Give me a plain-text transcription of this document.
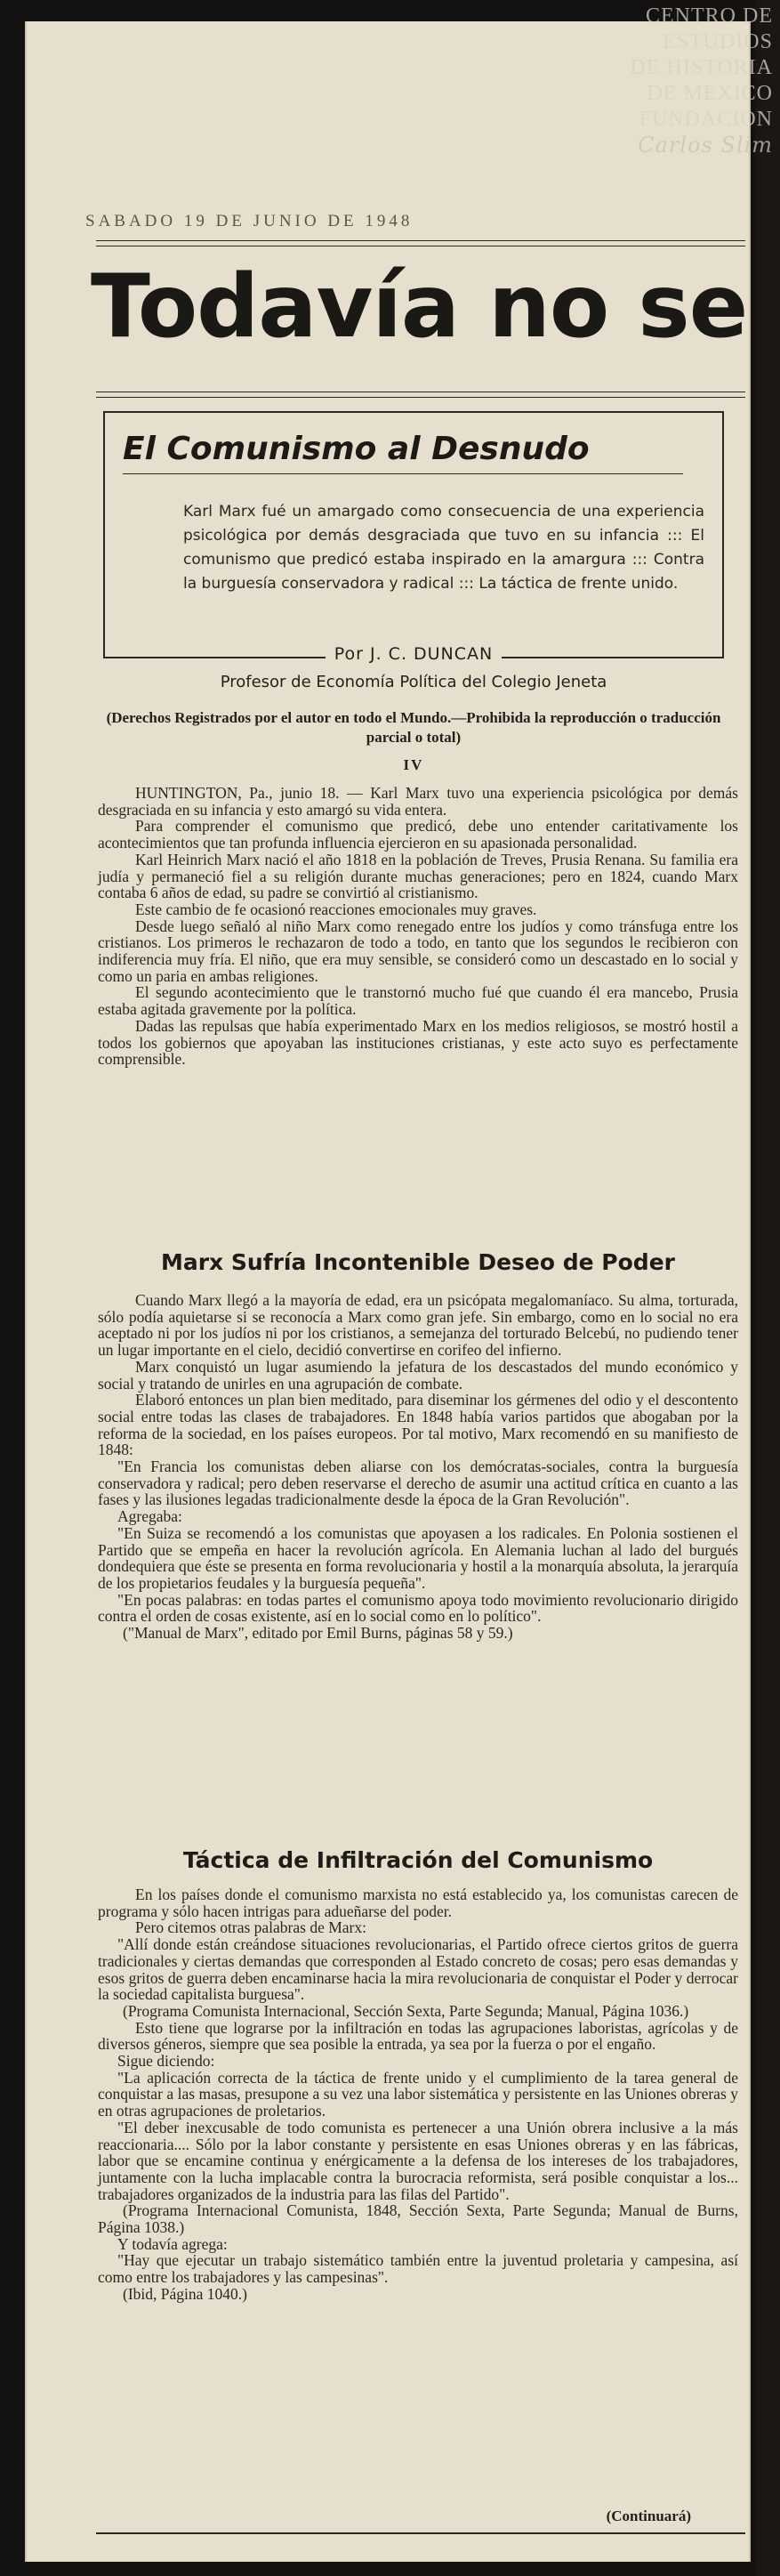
CENTRO DE
ESTUDIOS
DE HISTORIA
DE MEXICO
FUNDACION
Carlos Slim
SABADO 19 DE JUNIO DE 1948
Todavía no se
El Comunismo al Desnudo
Karl Marx fué un amargado como consecuencia de una experiencia psicológica por demás desgraciada que tuvo en su infancia ::: El comunismo que predicó estaba inspirado en la amargura ::: Contra la burguesía conservadora y radical ::: La táctica de frente unido.
Por J. C. DUNCAN
Profesor de Economía Política del Colegio Jeneta
(Derechos Registrados por el autor en todo el Mundo.—Prohibida la reproducción o traducción parcial o total)
IV

HUNTINGTON, Pa., junio 18. — Karl Marx tuvo una experiencia psicológica por demás desgraciada en su infancia y esto amargó su vida entera.

Para comprender el comunismo que predicó, debe uno entender caritativamente los acontecimientos que tan profunda influencia ejercieron en su apasionada personalidad.

Karl Heinrich Marx nació el año 1818 en la población de Treves, Prusia Renana. Su familia era judía y permaneció fiel a su religión durante muchas generaciones; pero en 1824, cuando Marx contaba 6 años de edad, su padre se convirtió al cristianismo.

Este cambio de fe ocasionó reacciones emocionales muy graves.

Desde luego señaló al niño Marx como renegado entre los judíos y como tránsfuga entre los cristianos. Los primeros le rechazaron de todo a todo, en tanto que los segundos le recibieron con indiferencia muy fría. El niño, que era muy sensible, se consideró como un descastado en lo social y como un paria en ambas religiones.

El segundo acontecimiento que le transtornó mucho fué que cuando él era mancebo, Prusia estaba agitada gravemente por la política.

Dadas las repulsas que había experimentado Marx en los medios religiosos, se mostró hostil a todos los gobiernos que apoyaban las instituciones cristianas, y este acto suyo es perfectamente comprensible.

Marx Sufría Incontenible Deseo de Poder

Cuando Marx llegó a la mayoría de edad, era un psicópata megalomaníaco. Su alma, torturada, sólo podía aquietarse si se reconocía a Marx como gran jefe. Sin embargo, como en lo social no era aceptado ni por los judíos ni por los cristianos, a semejanza del torturado Belcebú, no pudiendo tener un lugar importante en el cielo, decidió convertirse en corifeo del infierno.

Marx conquistó un lugar asumiendo la jefatura de los descastados del mundo económico y social y tratando de unirles en una agrupación de combate.

Elaboró entonces un plan bien meditado, para diseminar los gérmenes del odio y el descontento social entre todas las clases de trabajadores. En 1848 había varios partidos que abogaban por la reforma de la sociedad, en los países europeos. Por tal motivo, Marx recomendó en su manifiesto de 1848:

"En Francia los comunistas deben aliarse con los demócratas-sociales, contra la burguesía conservadora y radical; pero deben reservarse el derecho de asumir una actitud crítica en cuanto a las fases y las ilusiones legadas tradicionalmente desde la época de la Gran Revolución".

Agregaba:

"En Suiza se recomendó a los comunistas que apoyasen a los radicales. En Polonia sostienen el Partido que se empeña en hacer la revolución agrícola. En Alemania luchan al lado del burgués dondequiera que éste se presenta en forma revolucionaria y hostil a la monarquía absoluta, la jerarquía de los propietarios feudales y la burguesía pequeña".

"En pocas palabras: en todas partes el comunismo apoya todo movimiento revolucionario dirigido contra el orden de cosas existente, así en lo social como en lo político".

("Manual de Marx", editado por Emil Burns, páginas 58 y 59.)

Táctica de Infiltración del Comunismo

En los países donde el comunismo marxista no está establecido ya, los comunistas carecen de programa y sólo hacen intrigas para adueñarse del poder.

Pero citemos otras palabras de Marx:

"Allí donde están creándose situaciones revolucionarias, el Partido ofrece ciertos gritos de guerra tradicionales y ciertas demandas que corresponden al Estado concreto de cosas; pero esas demandas y esos gritos de guerra deben encaminarse hacia la mira revolucionaria de conquistar el Poder y derrocar la sociedad capitalista burguesa".

(Programa Comunista Internacional, Sección Sexta, Parte Segunda; Manual, Página 1036.)

Esto tiene que lograrse por la infiltración en todas las agrupaciones laboristas, agrícolas y de diversos géneros, siempre que sea posible la entrada, ya sea por la fuerza o por el engaño.

Sigue diciendo:

"La aplicación correcta de la táctica de frente unido y el cumplimiento de la tarea general de conquistar a las masas, presupone a su vez una labor sistemática y persistente en las Uniones obreras y en otras agrupaciones de proletarios.

"El deber inexcusable de todo comunista es pertenecer a una Unión obrera inclusive a la más reaccionaria.... Sólo por la labor constante y persistente en esas Uniones obreras y en las fábricas, labor que se encamine continua y enérgicamente a la defensa de los intereses de los trabajadores, juntamente con la lucha implacable contra la burocracia reformista, será posible conquistar a los... trabajadores organizados de la industria para las filas del Partido".

(Programa Internacional Comunista, 1848, Sección Sexta, Parte Segunda; Manual de Burns, Página 1038.)

Y todavía agrega:

"Hay que ejecutar un trabajo sistemático también entre la juventud proletaria y campesina, así como entre los trabajadores y las campesinas".

(Ibid, Página 1040.)

(Continuará)
